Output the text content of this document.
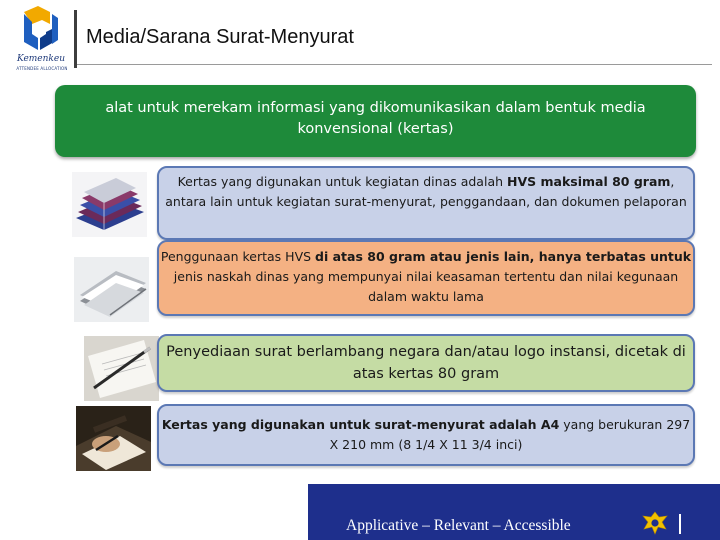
Kemenkeu
ATTENDEE ALLOCATION
Media/Sarana Surat-Menyurat
alat untuk merekam informasi yang dikomunikasikan dalam bentuk media konvensional (kertas)
Kertas yang digunakan untuk kegiatan dinas adalah HVS maksimal 80 gram, antara lain untuk kegiatan surat-menyurat, penggandaan, dan dokumen pelaporan
Penggunaan kertas HVS di atas 80 gram atau jenis lain, hanya terbatas untuk jenis naskah dinas yang mempunyai nilai keasaman tertentu dan nilai kegunaan dalam waktu lama
Penyediaan surat berlambang negara dan/atau logo instansi, dicetak di atas kertas 80 gram
Kertas yang digunakan untuk surat-menyurat adalah A4 yang berukuran 297 X 210 mm (8 1/4 X 11 3/4 inci)
Applicative – Relevant – Accessible
